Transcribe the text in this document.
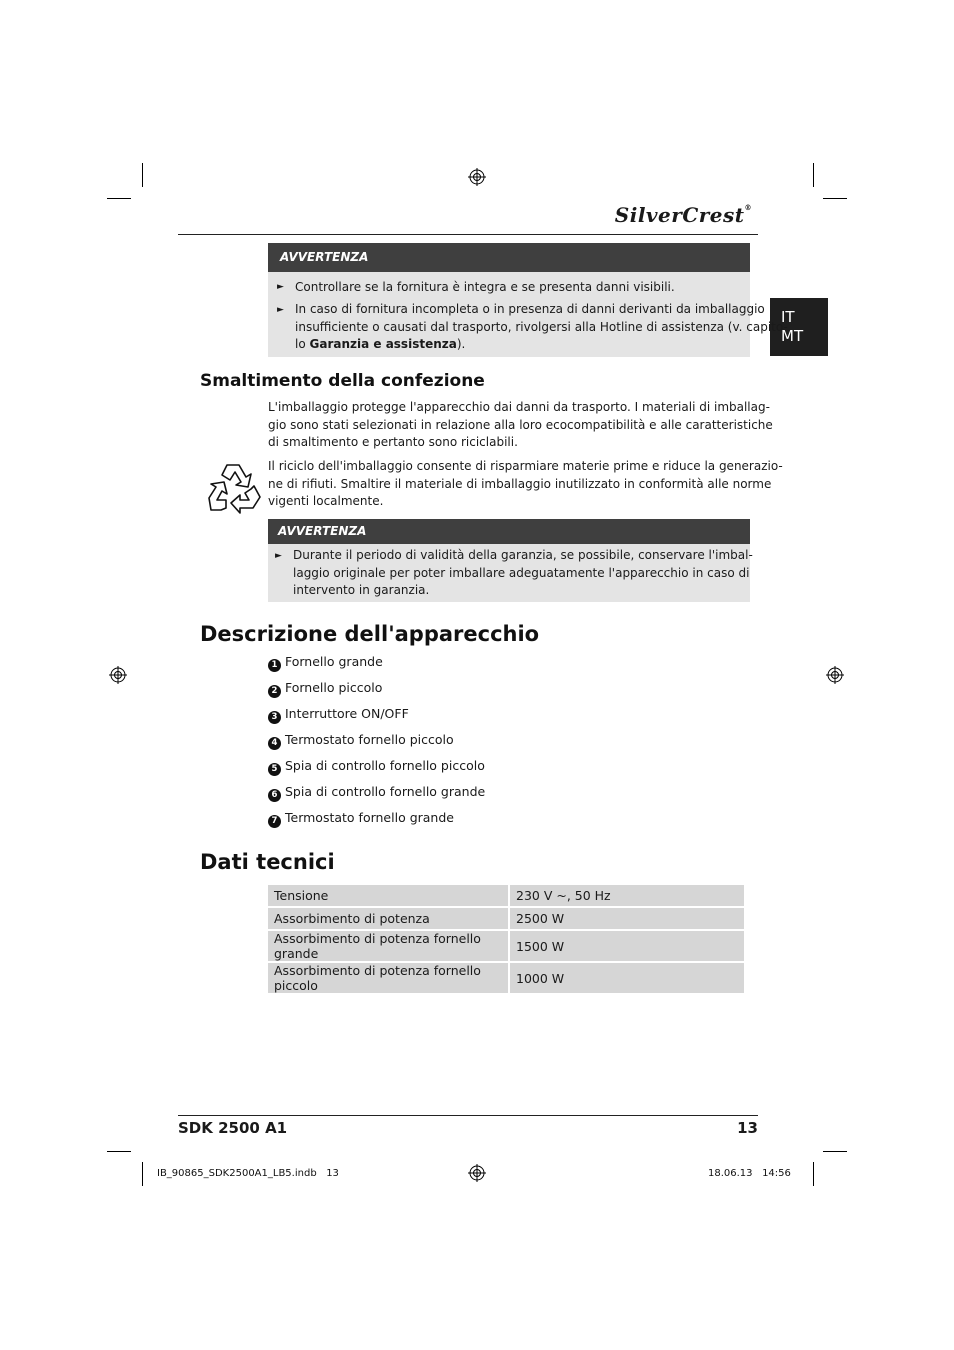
SilverCrest®
IT
MT
AVVERTENZA
► Controllare se la fornitura è integra e se presenta danni visibili.
► In caso di fornitura incompleta o in presenza di danni derivanti da imballaggio
insufficiente o causati dal trasporto, rivolgersi alla Hotline di assistenza (v. capito-
lo Garanzia e assistenza).
Smaltimento della confezione
L'imballaggio protegge l'apparecchio dai danni da trasporto. I materiali di imballag-
gio sono stati selezionati in relazione alla loro ecocompatibilità e alle caratteristiche
di smaltimento e pertanto sono riciclabili.
Il riciclo dell'imballaggio consente di risparmiare materie prime e riduce la generazio-
ne di rifiuti. Smaltire il materiale di imballaggio inutilizzato in conformità alle norme
vigenti localmente.
AVVERTENZA
► Durante il periodo di validità della garanzia, se possibile, conservare l'imbal-
laggio originale per poter imballare adeguatamente l'apparecchio in caso di
intervento in garanzia.
Descrizione dell'apparecchio
1 Fornello grande
2 Fornello piccolo
3 Interruttore ON/OFF
4 Termostato fornello piccolo
5 Spia di controllo fornello piccolo
6 Spia di controllo fornello grande
7 Termostato fornello grande
Dati tecnici
Tensione	230 V ~, 50 Hz
Assorbimento di potenza	2500 W
Assorbimento di potenza fornello grande	1500 W
Assorbimento di potenza fornello piccolo	1000 W
SDK 2500 A1	13
IB_90865_SDK2500A1_LB5.indb   13	18.06.13   14:56
